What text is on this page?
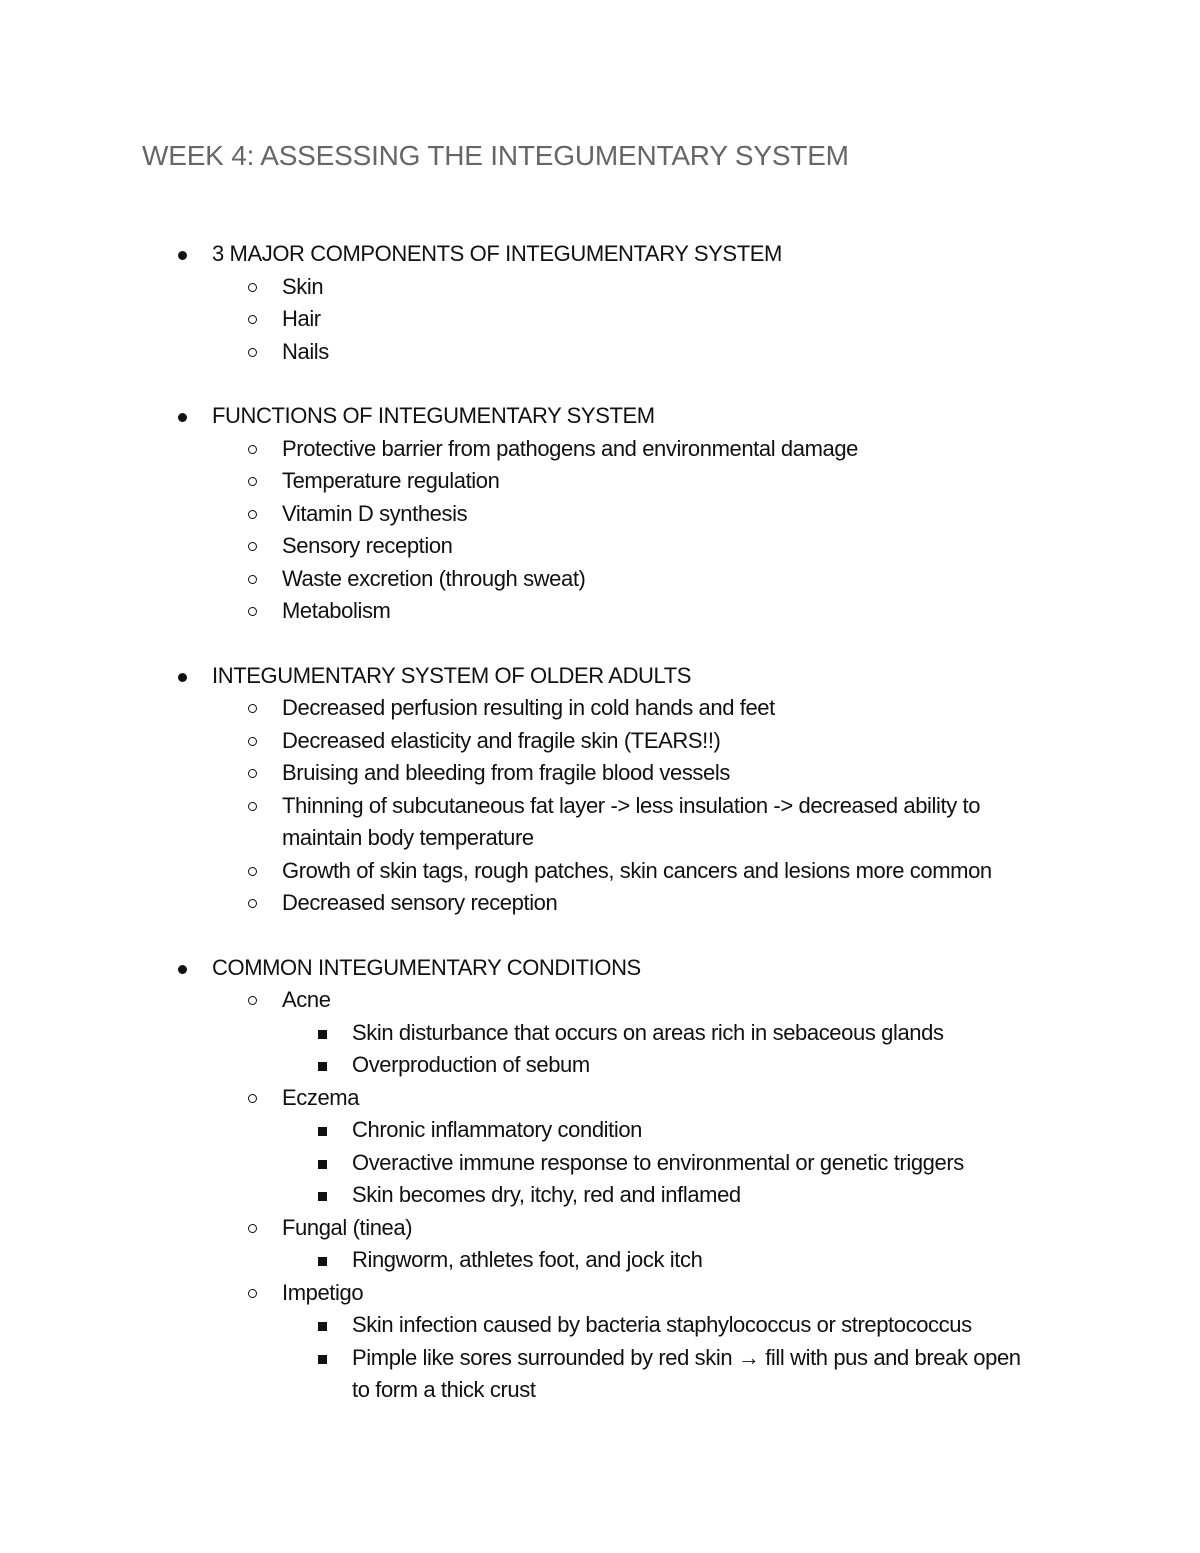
WEEK 4: ASSESSING THE INTEGUMENTARY SYSTEM
3 MAJOR COMPONENTS OF INTEGUMENTARY SYSTEM
Skin
Hair
Nails
FUNCTIONS OF INTEGUMENTARY SYSTEM
Protective barrier from pathogens and environmental damage
Temperature regulation
Vitamin D synthesis
Sensory reception
Waste excretion (through sweat)
Metabolism
INTEGUMENTARY SYSTEM OF OLDER ADULTS
Decreased perfusion resulting in cold hands and feet
Decreased elasticity and fragile skin (TEARS!!)
Bruising and bleeding from fragile blood vessels
Thinning of subcutaneous fat layer -> less insulation -> decreased ability to maintain body temperature
Growth of skin tags, rough patches, skin cancers and lesions more common
Decreased sensory reception
COMMON INTEGUMENTARY CONDITIONS
Acne
Skin disturbance that occurs on areas rich in sebaceous glands
Overproduction of sebum
Eczema
Chronic inflammatory condition
Overactive immune response to environmental or genetic triggers
Skin becomes dry, itchy, red and inflamed
Fungal (tinea)
Ringworm, athletes foot, and jock itch
Impetigo
Skin infection caused by bacteria staphylococcus or streptococcus
Pimple like sores surrounded by red skin → fill with pus and break open to form a thick crust
